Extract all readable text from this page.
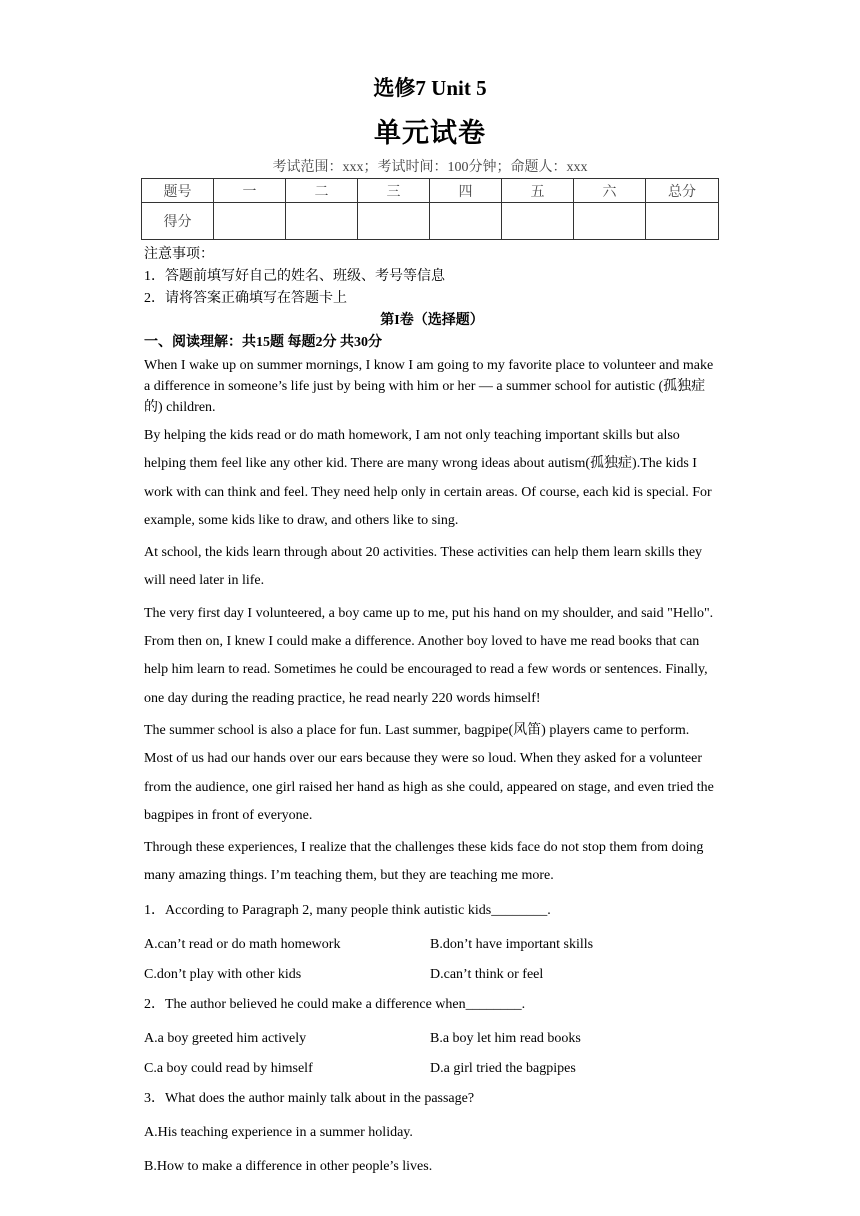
选修7 Unit 5
单元试卷
考试范围：xxx；考试时间：100分钟；命题人：xxx
题号	一	二	三	四	五	六	总分
得分							

注意事项：

1．答题前填写好自己的姓名、班级、考号等信息

2．请将答案正确填写在答题卡上

第I卷（选择题）

一、阅读理解：共15题 每题2分 共30分

When I wake up on summer mornings, I know I am going to my favorite place to volunteer and make a difference in someone’s life just by being with him or her — a summer school for autistic (孤独症的) children.

By helping the kids read or do math homework, I am not only teaching important skills but also helping them feel like any other kid. There are many wrong ideas about autism(孤独症).The kids I work with can think and feel. They need help only in certain areas. Of course, each kid is special. For example, some kids like to draw, and others like to sing.

At school, the kids learn through about 20 activities. These activities can help them learn skills they will need later in life.

The very first day I volunteered, a boy came up to me, put his hand on my shoulder, and said "Hello". From then on, I knew I could make a difference. Another boy loved to have me read books that can help him learn to read. Sometimes he could be encouraged to read a few words or sentences. Finally, one day during the reading practice, he read nearly 220 words himself!

The summer school is also a place for fun. Last summer, bagpipe(风笛) players came to perform. Most of us had our hands over our ears because they were so loud. When they asked for a volunteer from the audience, one girl raised her hand as high as she could, appeared on stage, and even tried the bagpipes in front of everyone.

Through these experiences, I realize that the challenges these kids face do not stop them from doing many amazing things. I’m teaching them, but they are teaching me more.

1．According to Paragraph 2, many people think autistic kids________.

A.can’t read or do math homework	B.don’t have important skills
C.don’t play with other kids	D.can’t think or feel

2．The author believed he could make a difference when________.

A.a boy greeted him actively	B.a boy let him read books
C.a boy could read by himself	D.a girl tried the bagpipes

3．What does the author mainly talk about in the passage?

A.His teaching experience in a summer holiday.

B.How to make a difference in other people’s lives.
